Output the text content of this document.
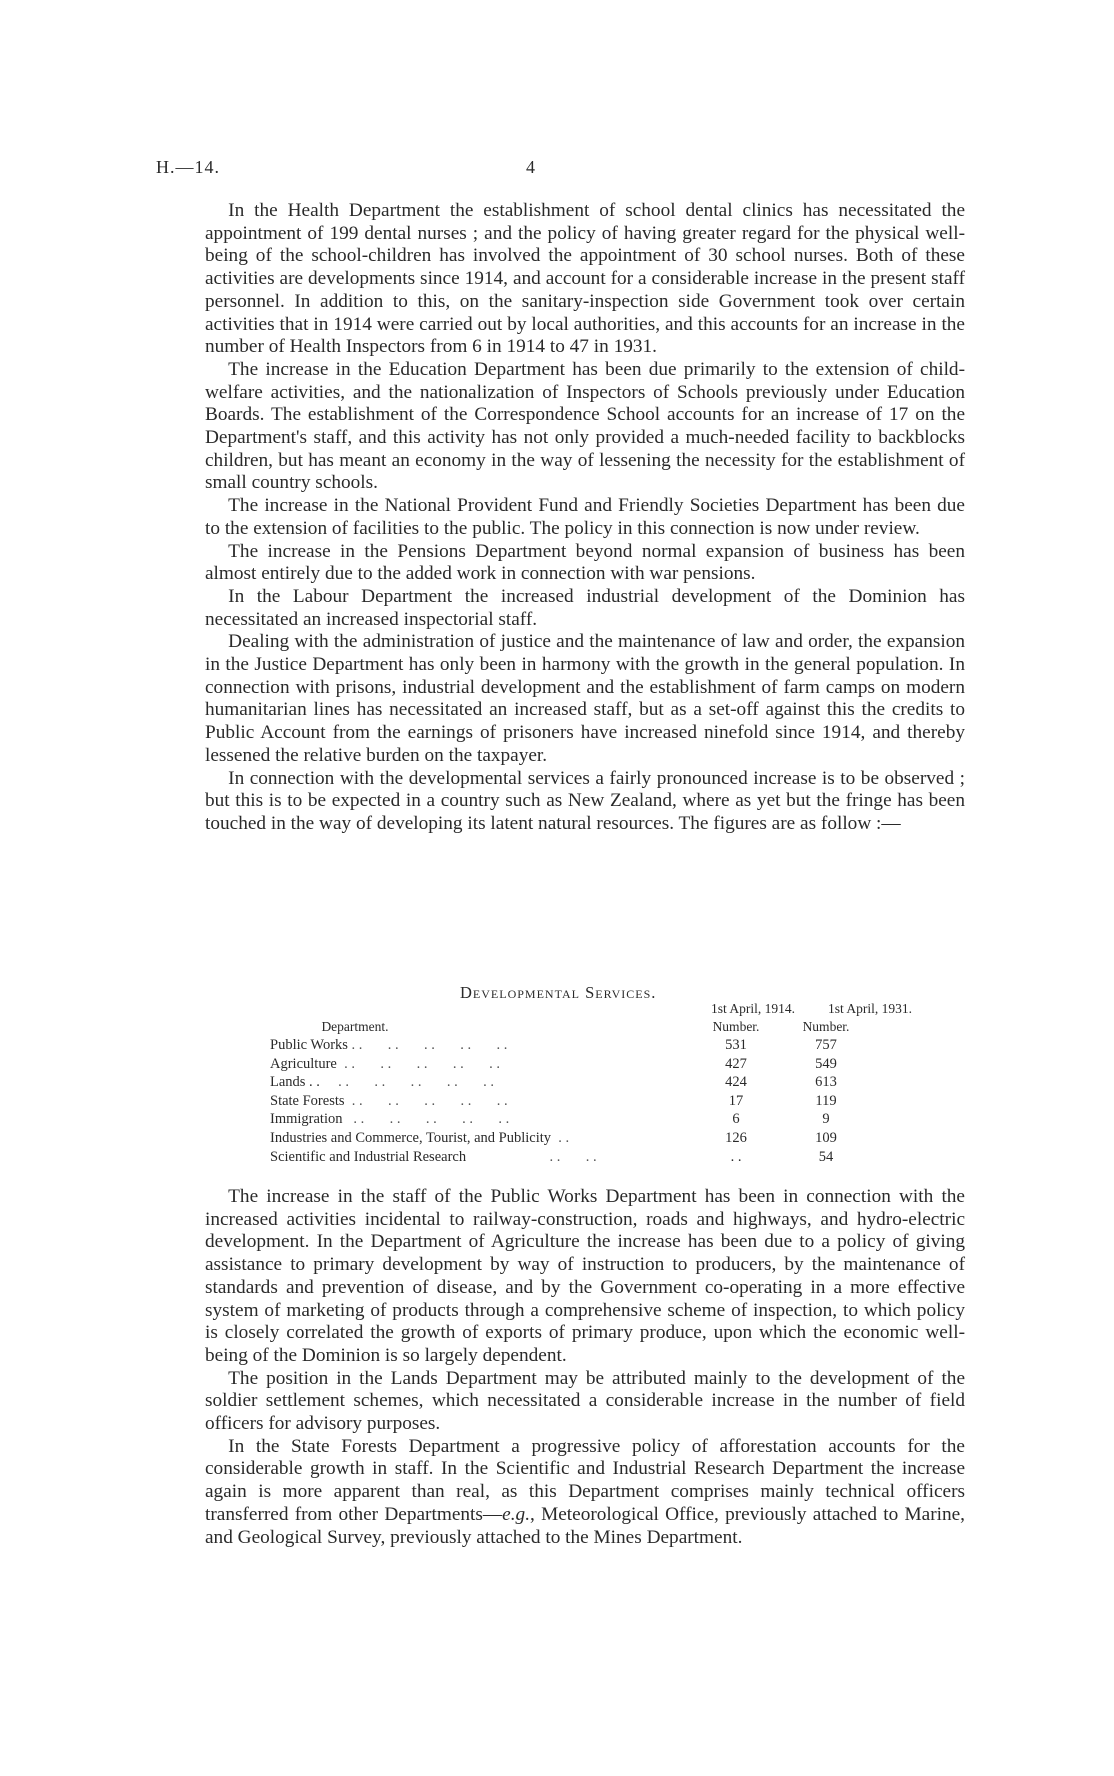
H.—14.	4

In the Health Department the establishment of school dental clinics has necessitated the appointment of 199 dental nurses ; and the policy of having greater regard for the physical well-being of the school-children has involved the appointment of 30 school nurses. Both of these activities are developments since 1914, and account for a considerable increase in the present staff personnel. In addition to this, on the sanitary-inspection side Government took over certain activities that in 1914 were carried out by local authorities, and this accounts for an increase in the number of Health Inspectors from 6 in 1914 to 47 in 1931.

The increase in the Education Department has been due primarily to the extension of child-welfare activities, and the nationalization of Inspectors of Schools previously under Education Boards. The establishment of the Correspondence School accounts for an increase of 17 on the Department's staff, and this activity has not only provided a much-needed facility to backblocks children, but has meant an economy in the way of lessening the necessity for the establishment of small country schools.

The increase in the National Provident Fund and Friendly Societies Department has been due to the extension of facilities to the public. The policy in this connection is now under review.

The increase in the Pensions Department beyond normal expansion of business has been almost entirely due to the added work in connection with war pensions.

In the Labour Department the increased industrial development of the Dominion has necessitated an increased inspectorial staff.

Dealing with the administration of justice and the maintenance of law and order, the expansion in the Justice Department has only been in harmony with the growth in the general population. In connection with prisons, industrial development and the establishment of farm camps on modern humanitarian lines has necessitated an increased staff, but as a set-off against this the credits to Public Account from the earnings of prisoners have increased ninefold since 1914, and thereby lessened the relative burden on the taxpayer.

In connection with the developmental services a fairly pronounced increase is to be observed ; but this is to be expected in a country such as New Zealand, where as yet but the fringe has been touched in the way of developing its latent natural resources. The figures are as follow :—

Developmental Services.
1st April, 1914.	1st April, 1931.
Department.	Number.	Number.
Public Works . .       . .       . .       . .       . .	531	757
Agriculture  . .       . .       . .       . .       . .	427	549
Lands . .     . .       . .       . .       . .       . .	424	613
State Forests  . .       . .       . .       . .       . .	17	119
Immigration   . .       . .       . .       . .       . .	6	9
Industries and Commerce, Tourist, and Publicity  . .	126	109
Scientific and Industrial Research                       . .       . .	. .	54

The increase in the staff of the Public Works Department has been in connection with the increased activities incidental to railway-construction, roads and highways, and hydro-electric development. In the Department of Agriculture the increase has been due to a policy of giving assistance to primary development by way of instruction to producers, by the maintenance of standards and prevention of disease, and by the Government co-operating in a more effective system of marketing of products through a comprehensive scheme of inspection, to which policy is closely correlated the growth of exports of primary produce, upon which the economic well-being of the Dominion is so largely dependent.

The position in the Lands Department may be attributed mainly to the development of the soldier settlement schemes, which necessitated a considerable increase in the number of field officers for advisory purposes.

In the State Forests Department a progressive policy of afforestation accounts for the considerable growth in staff. In the Scientific and Industrial Research Department the increase again is more apparent than real, as this Department comprises mainly technical officers transferred from other Departments—e.g., Meteorological Office, previously attached to Marine, and Geological Survey, previously attached to the Mines Department.
